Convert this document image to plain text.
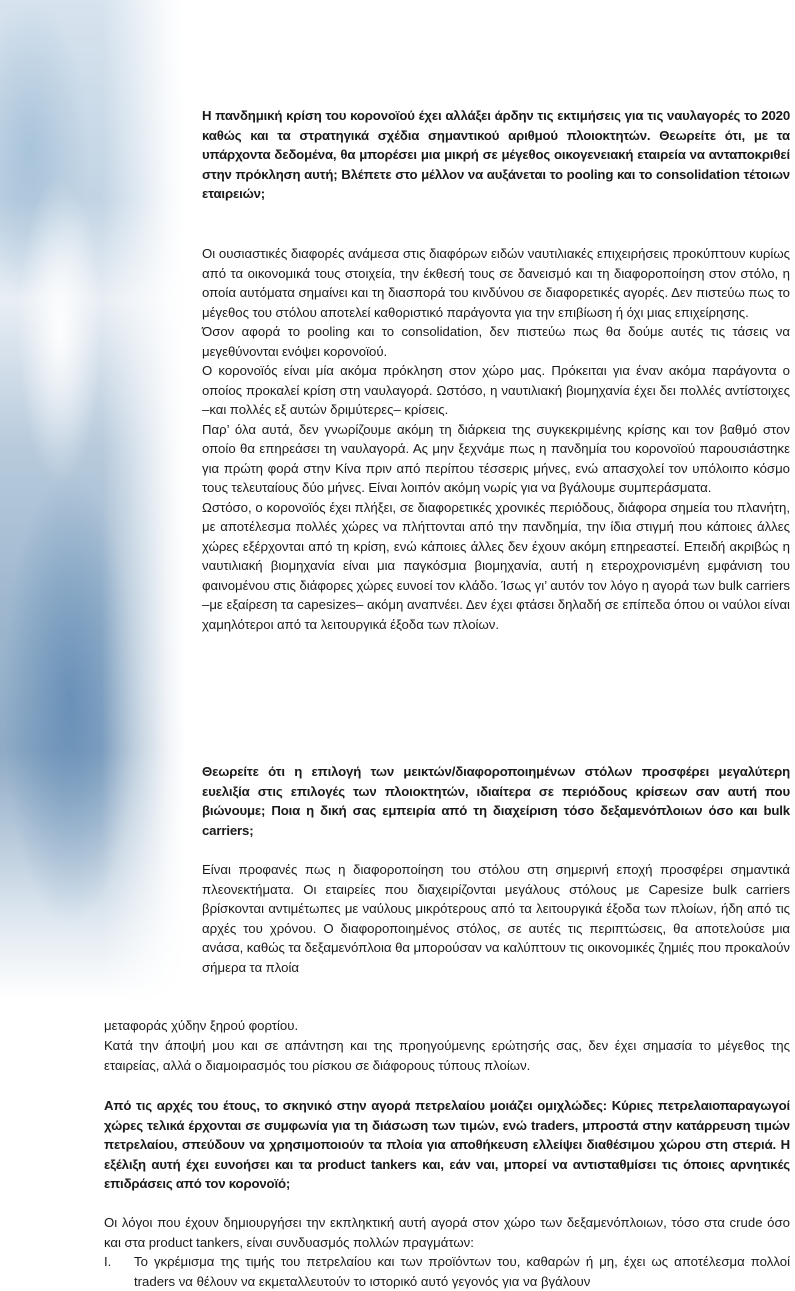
Η πανδημική κρίση του κορονοϊού έχει αλλάξει άρδην τις εκτιμήσεις για τις ναυλαγορές το 2020 καθώς και τα στρατηγικά σχέδια σημαντικού αριθμού πλοιοκτητών. Θεωρείτε ότι, με τα υπάρχοντα δεδομένα, θα μπορέσει μια μικρή σε μέγεθος οικογενειακή εταιρεία να ανταποκριθεί στην πρόκληση αυτή; Βλέπετε στο μέλλον να αυξάνεται το pooling και το consolidation τέτοιων εταιρειών;

Οι ουσιαστικές διαφορές ανάμεσα στις διαφόρων ειδών ναυτιλιακές επιχειρήσεις προκύπτουν κυρίως από τα οικονομικά τους στοιχεία, την έκθεσή τους σε δανεισμό και τη διαφοροποίηση στον στόλο, η οποία αυτόματα σημαίνει και τη διασπορά του κινδύνου σε διαφορετικές αγορές. Δεν πιστεύω πως το μέγεθος του στόλου αποτελεί καθοριστικό παράγοντα για την επιβίωση ή όχι μιας επιχείρησης.

Όσον αφορά το pooling και το consolidation, δεν πιστεύω πως θα δούμε αυτές τις τάσεις να μεγεθύνονται ενόψει κορονοϊού.

Ο κορονοϊός είναι μία ακόμα πρόκληση στον χώρο μας. Πρόκειται για έναν ακόμα παράγοντα ο οποίος προκαλεί κρίση στη ναυλαγορά. Ωστόσο, η ναυτιλιακή βιομηχανία έχει δει πολλές αντίστοιχες –και πολλές εξ αυτών δριμύτερες– κρίσεις.

Παρ’ όλα αυτά, δεν γνωρίζουμε ακόμη τη διάρκεια της συγκεκριμένης κρίσης και τον βαθμό στον οποίο θα επηρεάσει τη ναυλαγορά. Ας μην ξεχνάμε πως η πανδημία του κορονοϊού παρουσιάστηκε για πρώτη φορά στην Κίνα πριν από περίπου τέσσερις μήνες, ενώ απασχολεί τον υπόλοιπο κόσμο τους τελευταίους δύο μήνες. Είναι λοιπόν ακόμη νωρίς για να βγάλουμε συμπεράσματα.

Ωστόσο, ο κορονοϊός έχει πλήξει, σε διαφορετικές χρονικές περιόδους, διάφορα σημεία του πλανήτη, με αποτέλεσμα πολλές χώρες να πλήττονται από την πανδημία, την ίδια στιγμή που κάποιες άλλες χώρες εξέρχονται από τη κρίση, ενώ κάποιες άλλες δεν έχουν ακόμη επηρεαστεί. Επειδή ακριβώς η ναυτιλιακή βιομηχανία είναι μια παγκόσμια βιομηχανία, αυτή η ετεροχρονισμένη εμφάνιση του φαινομένου στις διάφορες χώρες ευνοεί τον κλάδο. Ίσως γι’ αυτόν τον λόγο η αγορά των bulk carriers –με εξαίρεση τα capesizes– ακόμη αναπνέει. Δεν έχει φτάσει δηλαδή σε επίπεδα όπου οι ναύλοι είναι χαμηλότεροι από τα λειτουργικά έξοδα των πλοίων.

Θεωρείτε ότι η επιλογή των μεικτών/διαφοροποιημένων στόλων προσφέρει μεγαλύτερη ευελιξία στις επιλογές των πλοιοκτητών, ιδιαίτερα σε περιόδους κρίσεων σαν αυτή που βιώνουμε; Ποια η δική σας εμπειρία από τη διαχείριση τόσο δεξαμενόπλοιων όσο και bulk carriers;

Είναι προφανές πως η διαφοροποίηση του στόλου στη σημερινή εποχή προσφέρει σημαντικά πλεονεκτήματα. Οι εταιρείες που διαχειρίζονται μεγάλους στόλους με Capesize bulk carriers βρίσκονται αντιμέτωπες με ναύλους μικρότερους από τα λειτουργικά έξοδα των πλοίων, ήδη από τις αρχές του χρόνου. Ο διαφοροποιημένος στόλος, σε αυτές τις περιπτώσεις, θα αποτελούσε μια ανάσα, καθώς τα δεξαμενόπλοια θα μπορούσαν να καλύπτουν τις οικονομικές ζημιές που προκαλούν σήμερα τα πλοία

μεταφοράς χύδην ξηρού φορτίου.

Κατά την άποψή μου και σε απάντηση και της προηγούμενης ερώτησής σας, δεν έχει σημασία το μέγεθος της εταιρείας, αλλά ο διαμοιρασμός του ρίσκου σε διάφορους τύπους πλοίων.

Από τις αρχές του έτους, το σκηνικό στην αγορά πετρελαίου μοιάζει ομιχλώδες: Κύριες πετρελαιοπαραγωγοί χώρες τελικά έρχονται σε συμφωνία για τη διάσωση των τιμών, ενώ traders, μπροστά στην κατάρρευση τιμών πετρελαίου, σπεύδουν να χρησιμοποιούν τα πλοία για αποθήκευση ελλείψει διαθέσιμου χώρου στη στεριά. Η εξέλιξη αυτή έχει ευνοήσει και τα product tankers και, εάν ναι, μπορεί να αντισταθμίσει τις όποιες αρνητικές επιδράσεις από τον κορονοϊό;

Οι λόγοι που έχουν δημιουργήσει την εκπληκτική αυτή αγορά στον χώρο των δεξαμενόπλοιων, τόσο στα crude όσο και στα product tankers, είναι συνδυασμός πολλών πραγμάτων:

I. Το γκρέμισμα της τιμής του πετρελαίου και των προϊόντων του, καθαρών ή μη, έχει ως αποτέλεσμα πολλοί traders να θέλουν να εκμεταλλευτούν το ιστορικό αυτό γεγονός για να βγάλουν
